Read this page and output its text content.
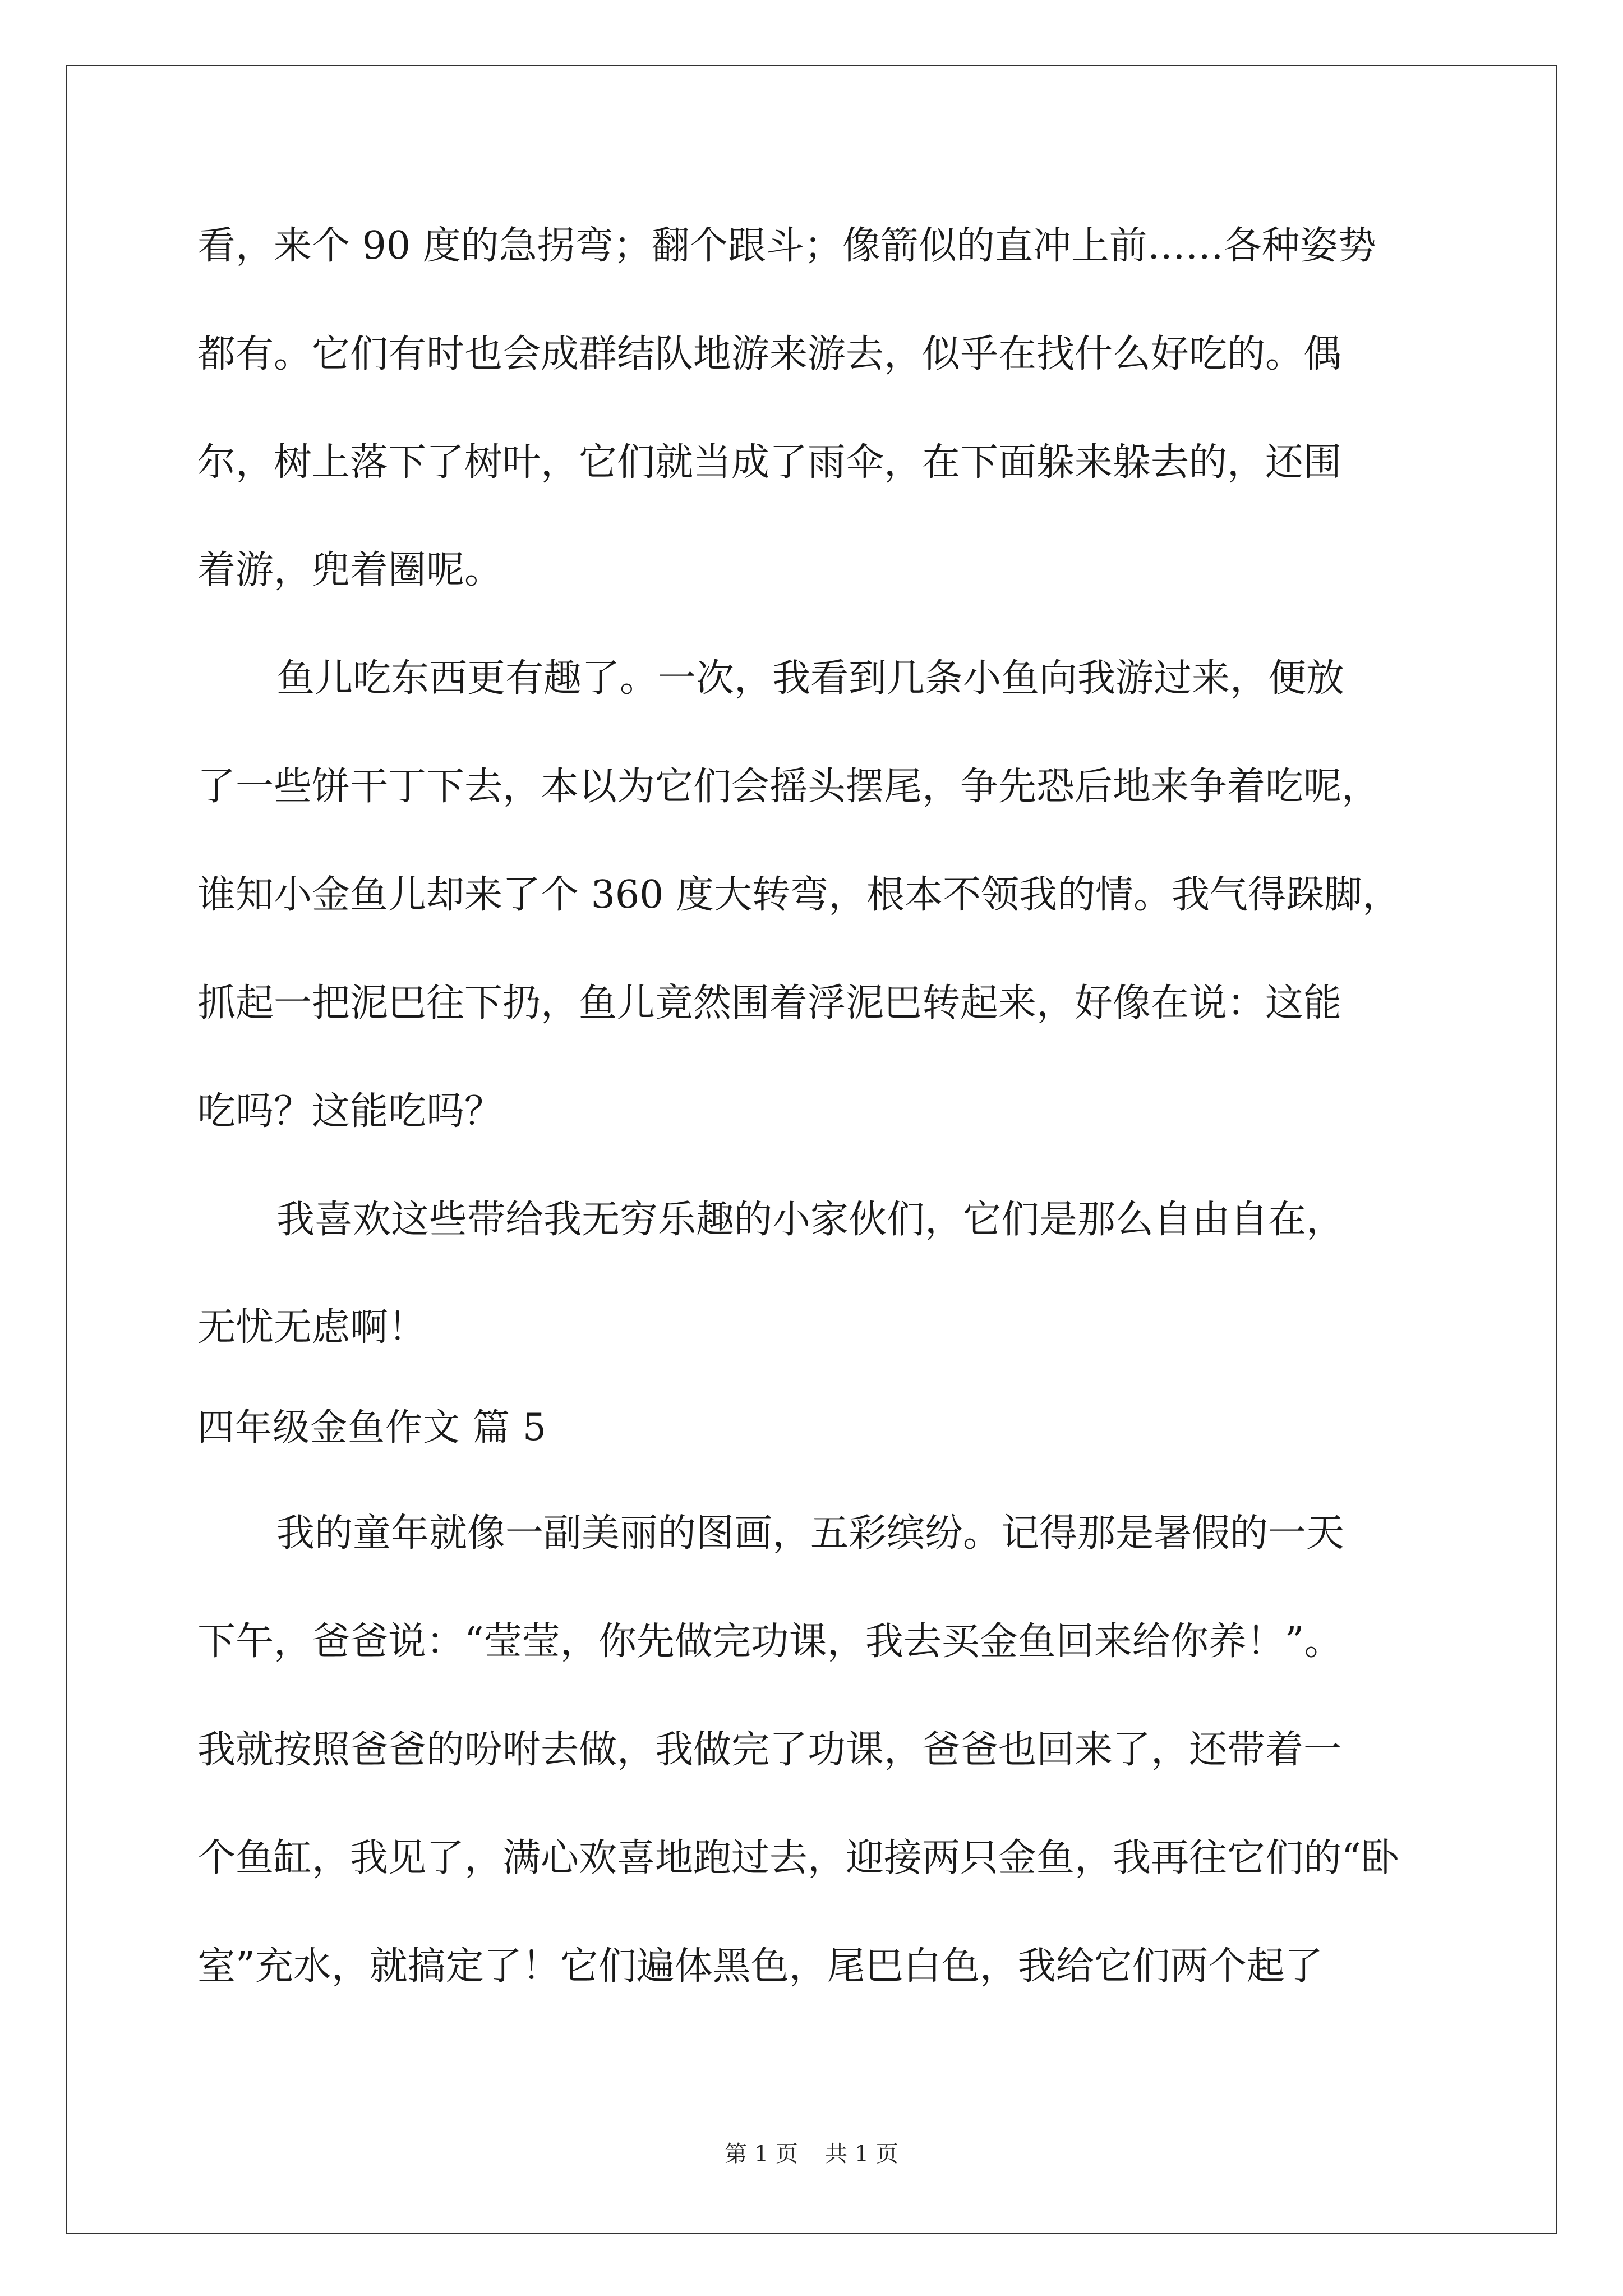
看，来个 90 度的急拐弯；翻个跟斗；像箭似的直冲上前……各种姿势
都有。它们有时也会成群结队地游来游去，似乎在找什么好吃的。偶
尔，树上落下了树叶，它们就当成了雨伞，在下面躲来躲去的，还围
着游，兜着圈呢。
鱼儿吃东西更有趣了。一次，我看到几条小鱼向我游过来，便放
了一些饼干丁下去，本以为它们会摇头摆尾，争先恐后地来争着吃呢，
谁知小金鱼儿却来了个 360 度大转弯，根本不领我的情。我气得跺脚，
抓起一把泥巴往下扔，鱼儿竟然围着浮泥巴转起来，好像在说：这能
吃吗？这能吃吗？
我喜欢这些带给我无穷乐趣的小家伙们，它们是那么自由自在，
无忧无虑啊！
四年级金鱼作文 篇 5
我的童年就像一副美丽的图画，五彩缤纷。记得那是暑假的一天
下午，爸爸说：“莹莹，你先做完功课，我去买金鱼回来给你养！”。
我就按照爸爸的吩咐去做，我做完了功课，爸爸也回来了，还带着一
个鱼缸，我见了，满心欢喜地跑过去，迎接两只金鱼，我再往它们的“卧
室”充水，就搞定了！它们遍体黑色，尾巴白色，我给它们两个起了
第 1 页 共 1 页
